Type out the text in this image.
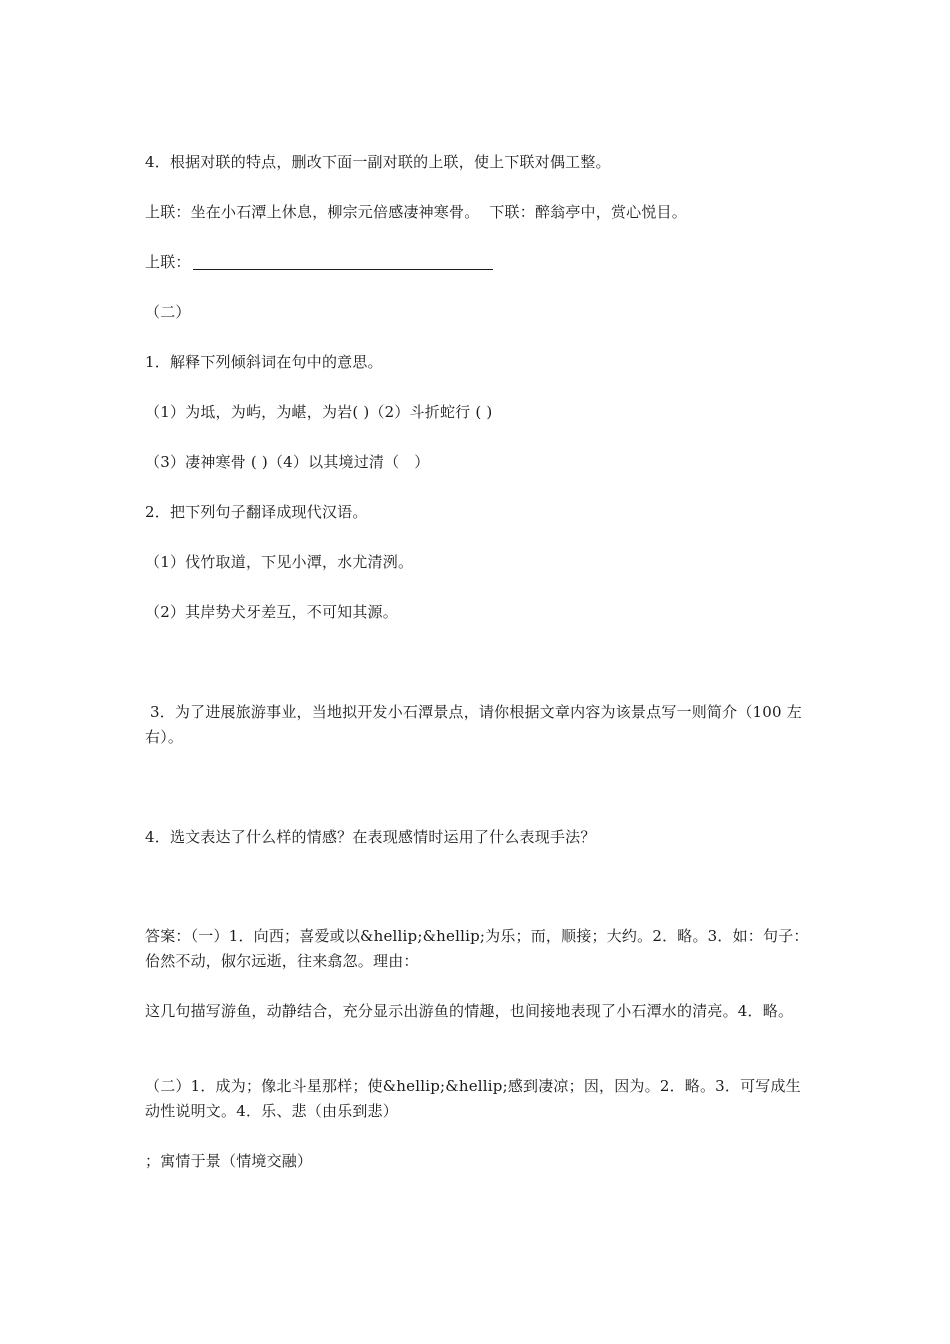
4．根据对联的特点，删改下面一副对联的上联，使上下联对偶工整。
上联：坐在小石潭上休息，柳宗元倍感凄神寒骨。  下联：醉翁亭中，赏心悦目。
上联：
（二）
1．解释下列倾斜词在句中的意思。
（1）为坻，为屿，为嵁，为岩( )（2）斗折蛇行 ( )
（3）凄神寒骨 ( )（4）以其境过清（   ）
2．把下列句子翻译成现代汉语。
（1）伐竹取道，下见小潭，水尤清洌。
（2）其岸势犬牙差互，不可知其源。
3．为了进展旅游事业，当地拟开发小石潭景点，请你根据文章内容为该景点写一则简介（100 左右）。
4．选文表达了什么样的情感？在表现感情时运用了什么表现手法？
答案：（一）1．向西；喜爱或以&hellip;&hellip;为乐；而，顺接；大约。2．略。3．如：句子：佁然不动，俶尔远逝，往来翕忽。理由：
这几句描写游鱼，动静结合，充分显示出游鱼的情趣，也间接地表现了小石潭水的清亮。4．略。
（二）1．成为；像北斗星那样；使&hellip;&hellip;感到凄凉；因，因为。2．略。3．可写成生动性说明文。4．乐、悲（由乐到悲）
；寓情于景（情境交融）
